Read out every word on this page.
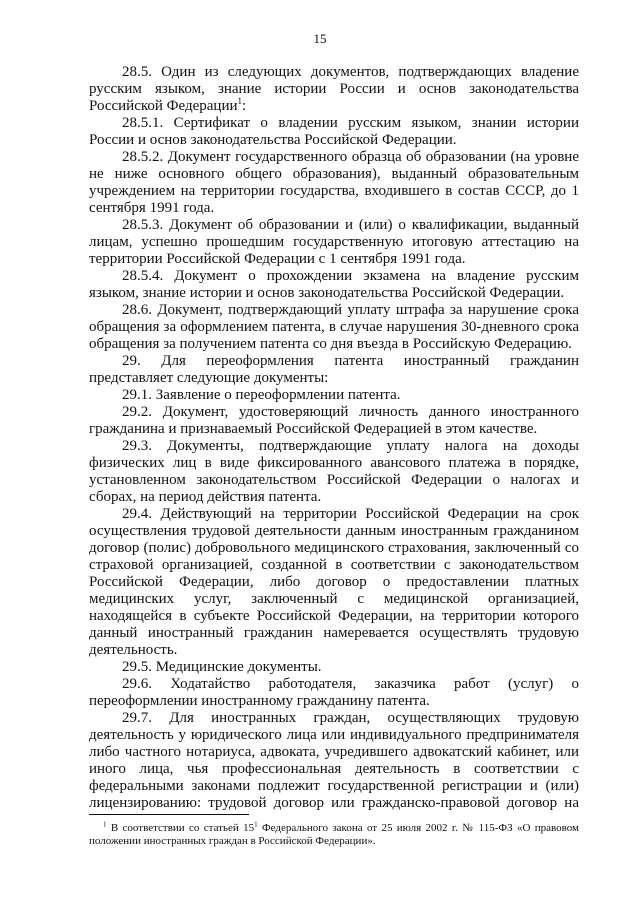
15

28.5. Один из следующих документов, подтверждающих владение русским языком, знание истории России и основ законодательства Российской Федерации$^1$:

28.5.1. Сертификат о владении русским языком, знании истории России и основ законодательства Российской Федерации.

28.5.2. Документ государственного образца об образовании (на уровне не ниже основного общего образования), выданный образовательным учреждением на территории государства, входившего в состав СССР, до 1 сентября 1991 года.

28.5.3. Документ об образовании и (или) о квалификации, выданный лицам, успешно прошедшим государственную итоговую аттестацию на территории Российской Федерации с 1 сентября 1991 года.

28.5.4. Документ о прохождении экзамена на владение русским языком, знание истории и основ законодательства Российской Федерации.

28.6. Документ, подтверждающий уплату штрафа за нарушение срока обращения за оформлением патента, в случае нарушения 30-дневного срока обращения за получением патента со дня въезда в Российскую Федерацию.

29. Для переоформления патента иностранный гражданин представляет следующие документы:

29.1. Заявление о переоформлении патента.

29.2. Документ, удостоверяющий личность данного иностранного гражданина и признаваемый Российской Федерацией в этом качестве.

29.3. Документы, подтверждающие уплату налога на доходы физических лиц в виде фиксированного авансового платежа в порядке, установленном законодательством Российской Федерации о налогах и сборах, на период действия патента.

29.4. Действующий на территории Российской Федерации на срок осуществления трудовой деятельности данным иностранным гражданином договор (полис) добровольного медицинского страхования, заключенный со страховой организацией, созданной в соответствии с законодательством Российской Федерации, либо договор о предоставлении платных медицинских услуг, заключенный с медицинской организацией, находящейся в субъекте Российской Федерации, на территории которого данный иностранный гражданин намеревается осуществлять трудовую деятельность.

29.5. Медицинские документы.

29.6. Ходатайство работодателя, заказчика работ (услуг) о переоформлении иностранному гражданину патента.

29.7. Для иностранных граждан, осуществляющих трудовую деятельность у юридического лица или индивидуального предпринимателя либо частного нотариуса, адвоката, учредившего адвокатский кабинет, или иного лица, чья профессиональная деятельность в соответствии с федеральными законами подлежит государственной регистрации и (или) лицензированию: трудовой договор или гражданско-правовой договор на

$^1$ В соответствии со статьей $15^1$ Федерального закона от 25 июля 2002 г. № 115-ФЗ «О правовом положении иностранных граждан в Российской Федерации».
